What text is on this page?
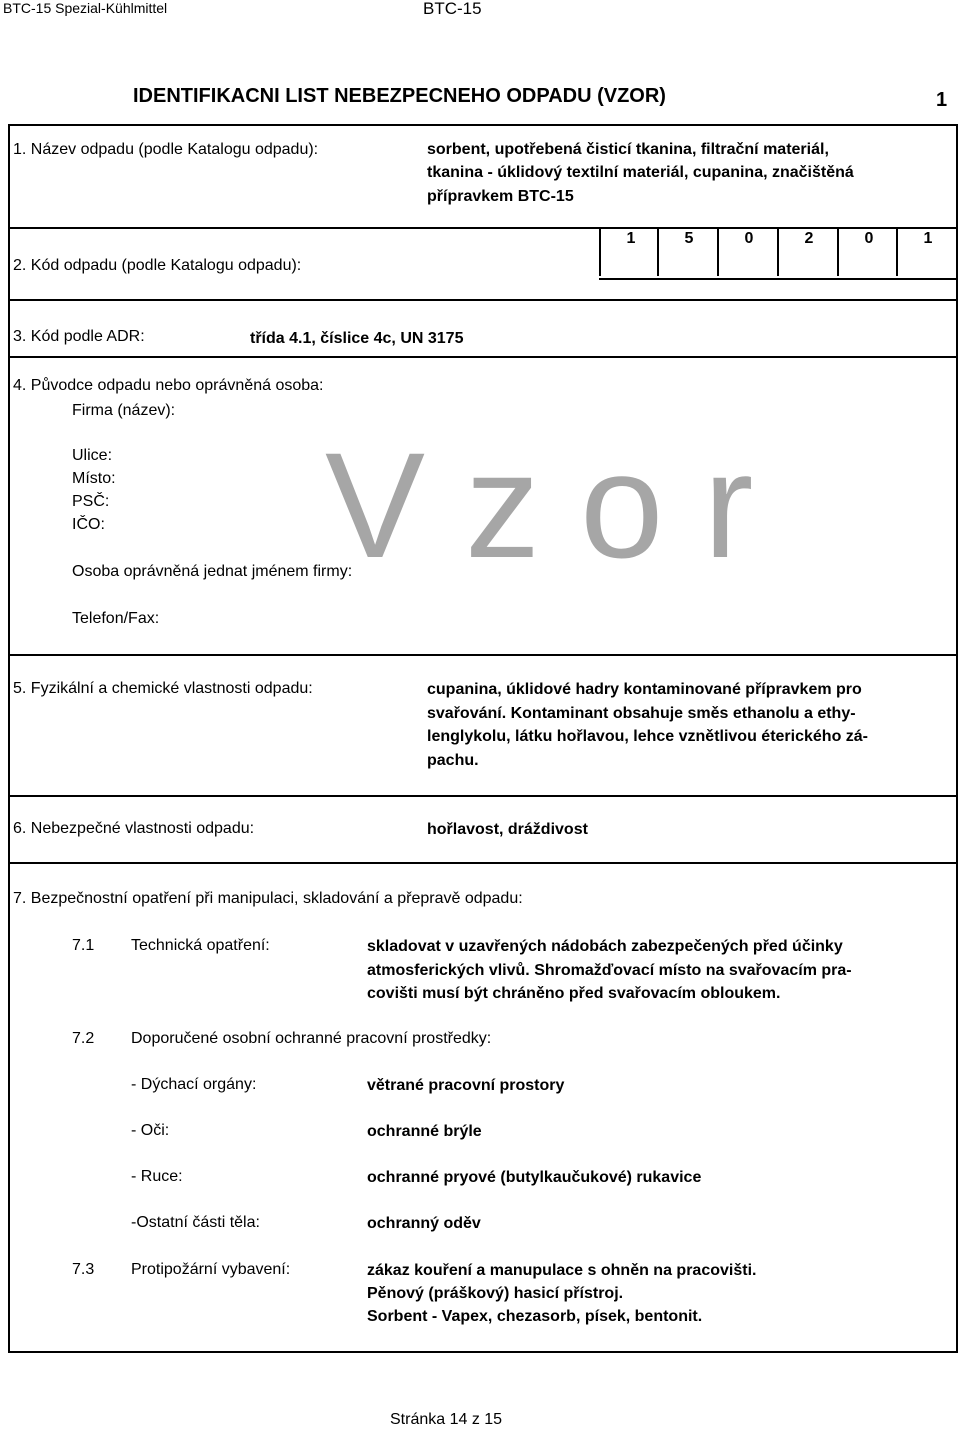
BTC-15 Spezial-Kühlmittel	BTC-15
IDENTIFIKACNI LIST NEBEZPECNEHO ODPADU (VZOR)	1
Vzor
1. Název odpadu (podle Katalogu odpadu):	sorbent, upotřebená čisticí tkanina, filtrační materiál,
tkanina - úklidový textilní materiál, cupanina, značištěná
přípravkem BTC-15
2. Kód odpadu (podle Katalogu odpadu):
1	5	0	2	0	1
3. Kód podle ADR:	třída 4.1, číslice 4c, UN 3175
4. Původce odpadu nebo oprávněná osoba:
Firma (název):
Ulice:
Místo:
PSČ:
IČO:
Osoba oprávněná jednat jménem firmy:
Telefon/Fax:
5. Fyzikální a chemické vlastnosti odpadu:	cupanina, úklidové hadry kontaminované přípravkem pro
svařování. Kontaminant obsahuje směs ethanolu a ethy-
lenglykolu, látku hořlavou, lehce vznětlivou éterického zá-
pachu.
6. Nebezpečné vlastnosti odpadu:	hořlavost, dráždivost
7. Bezpečnostní opatření při manipulaci, skladování a přepravě odpadu:
7.1 Technická opatření:	skladovat v uzavřených nádobách zabezpečených před účinky
atmosferických vlivů. Shromažďovací místo na svařovacím pra-
covišti musí být chráněno před svařovacím obloukem.
7.2 Doporučené osobní ochranné pracovní prostředky:
- Dýchací orgány:	větrané pracovní prostory
- Oči:	ochranné brýle
- Ruce:	ochranné pryové (butylkaučukové) rukavice
-Ostatní části těla:	ochranný oděv
7.3 Protipožární vybavení:	zákaz kouření a manupulace s ohněn na pracovišti.
Pěnový (práškový) hasicí přístroj.
Sorbent - Vapex, chezasorb, písek, bentonit.
Stránka 14 z 15
